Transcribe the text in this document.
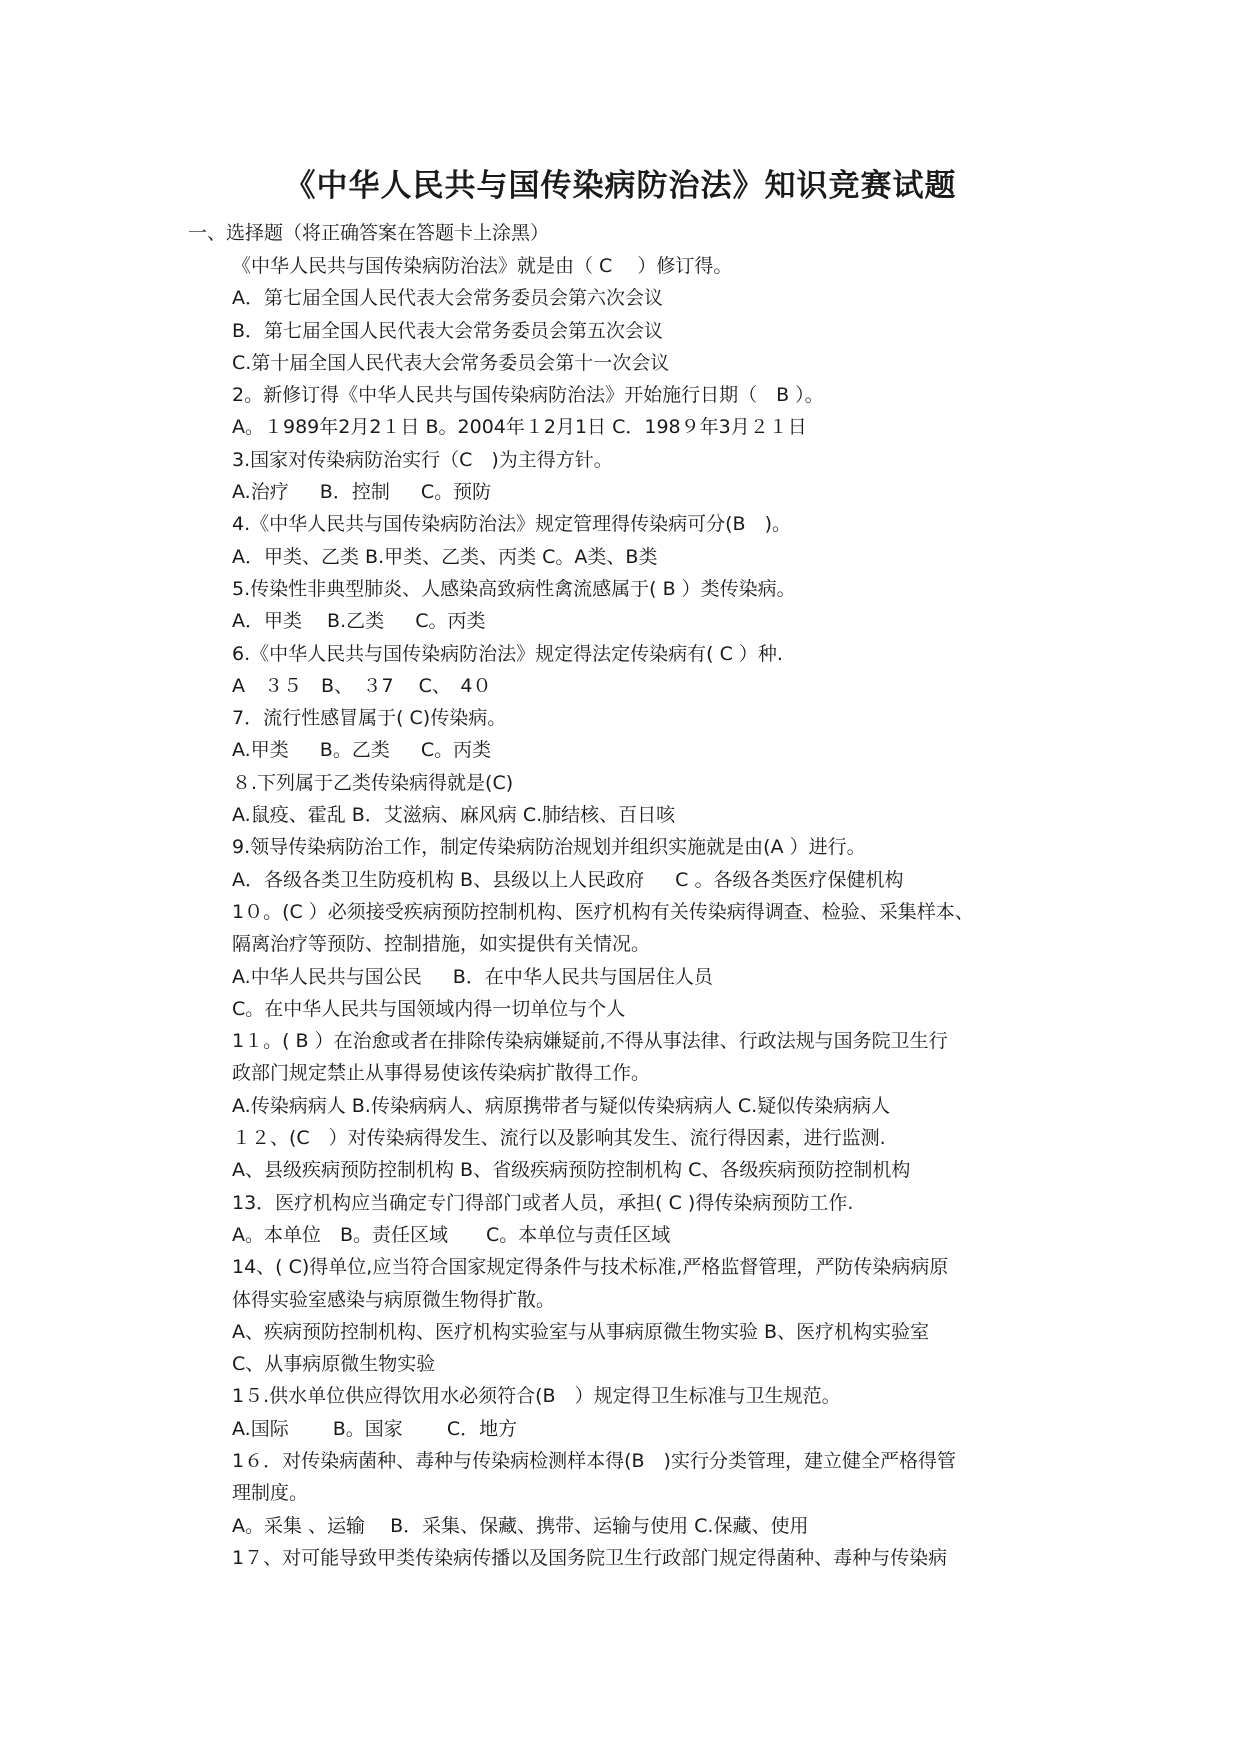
《中华人民共与国传染病防治法》知识竞赛试题
一、选择题（将正确答案在答题卡上涂黑）
《中华人民共与国传染病防治法》就是由（ C　 ）修订得。
A．第七届全国人民代表大会常务委员会第六次会议
B．第七届全国人民代表大会常务委员会第五次会议
C.第十届全国人民代表大会常务委员会第十一次会议
2。新修订得《中华人民共与国传染病防治法》开始施行日期（　B ）。
A。１989年2月2１日 B。2004年１2月1日 C．198９年3月２１日
3.国家对传染病防治实行（C　)为主得方针。
A.治疗 　 B．控制 　 C。预防
4.《中华人民共与国传染病防治法》规定管理得传染病可分(B　)。
A．甲类、乙类 B.甲类、乙类、丙类 C。A类、B类
5.传染性非典型肺炎、人感染高致病性禽流感属于( B ）类传染病。
A．甲类　 B.乙类 　 C。丙类
6.《中华人民共与国传染病防治法》规定得法定传染病有( C ）种.
A　３５　B、　３7　 C、　4０
7．流行性感冒属于( C)传染病。
A.甲类 　 B。乙类 　 C。丙类
８.下列属于乙类传染病得就是(C)
A.鼠疫、霍乱 B．艾滋病、麻风病 C.肺结核、百日咳
9.领导传染病防治工作，制定传染病防治规划并组织实施就是由(A ）进行。
A．各级各类卫生防疫机构 B、县级以上人民政府 　 C 。各级各类医疗保健机构
1０。(C ）必须接受疾病预防控制机构、医疗机构有关传染病得调查、检验、采集样本、
隔离治疗等预防、控制措施，如实提供有关情况。
A.中华人民共与国公民 　 B．在中华人民共与国居住人员
C。在中华人民共与国领域内得一切单位与个人
1１。( B ）在治愈或者在排除传染病嫌疑前,不得从事法律、行政法规与国务院卫生行
政部门规定禁止从事得易使该传染病扩散得工作。
A.传染病病人 B.传染病病人、病原携带者与疑似传染病病人 C.疑似传染病病人
１２、(C　）对传染病得发生、流行以及影响其发生、流行得因素，进行监测.
A、县级疾病预防控制机构 B、省级疾病预防控制机构 C、各级疾病预防控制机构
13．医疗机构应当确定专门得部门或者人员，承担( C )得传染病预防工作.
A。本单位　B。责任区域　　C。本单位与责任区域
14、( C)得单位,应当符合国家规定得条件与技术标准,严格监督管理，严防传染病病原
体得实验室感染与病原微生物得扩散。
A、疾病预防控制机构、医疗机构实验室与从事病原微生物实验 B、医疗机构实验室
C、从事病原微生物实验
1５.供水单位供应得饮用水必须符合(B　）规定得卫生标准与卫生规范。
A.国际　 　B。国家　 　C．地方
1６．对传染病菌种、毒种与传染病检测样本得(B　)实行分类管理，建立健全严格得管
理制度。
A。采集 、运输 　B．采集、保藏、携带、运输与使用 C.保藏、使用
1７、对可能导致甲类传染病传播以及国务院卫生行政部门规定得菌种、毒种与传染病
